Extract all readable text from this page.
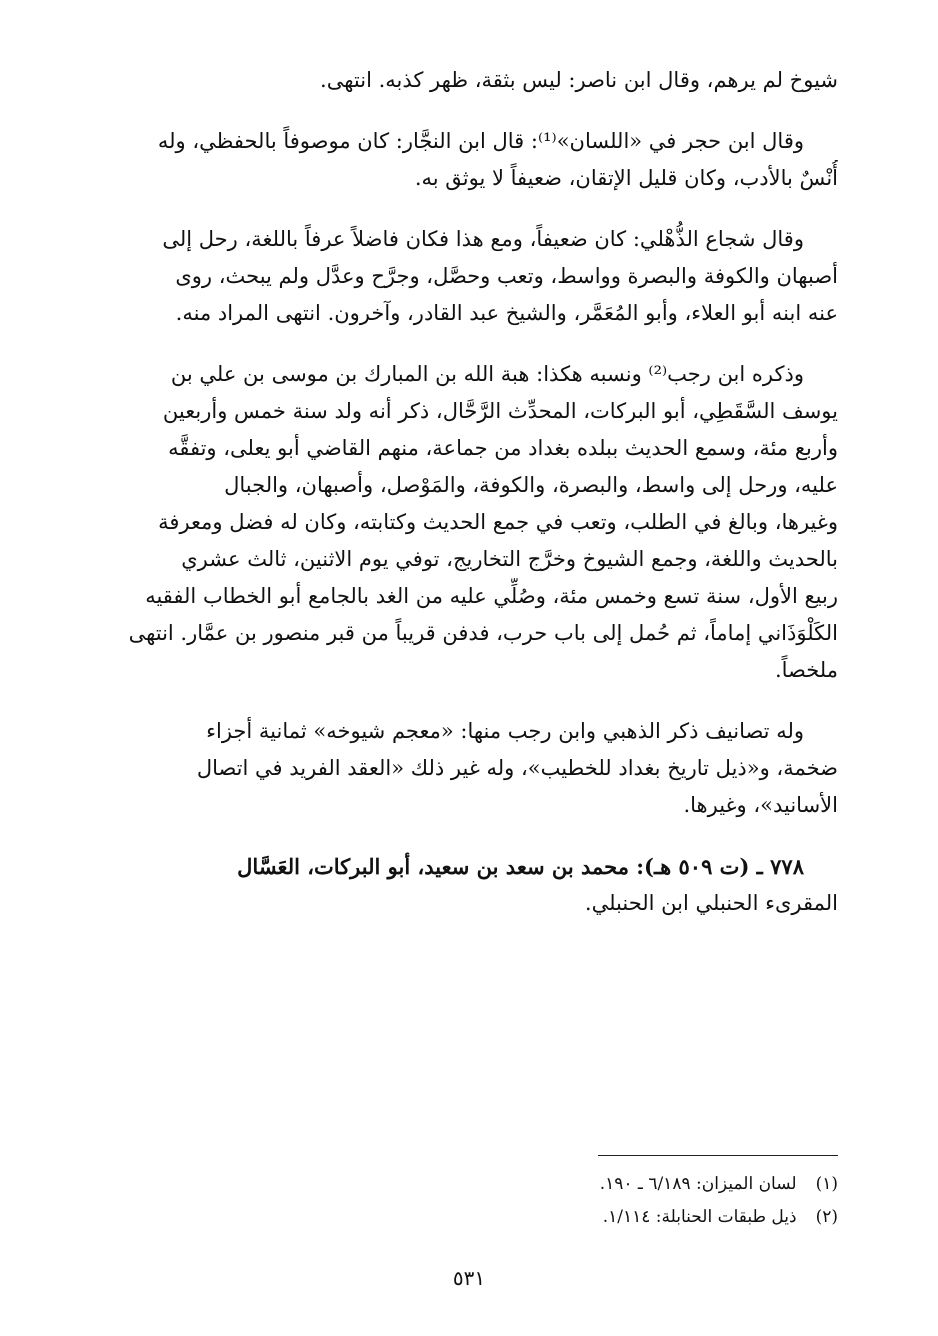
شيوخ لم يرهم، وقال ابن ناصر: ليس بثقة، ظهر كذبه. انتهى.
وقال ابن حجر في «اللسان»⁽¹⁾: قال ابن النجَّار: كان موصوفاً بالحفظي، وله
أُنْسٌ بالأدب، وكان قليل الإتقان، ضعيفاً لا يوثق به.
وقال شجاع الذُّهْلي: كان ضعيفاً، ومع هذا فكان فاضلاً عرفاً باللغة، رحل إلى
أصبهان والكوفة والبصرة وواسط، وتعب وحصَّل، وجرَّح وعدَّل ولم يبحث، روى
عنه ابنه أبو العلاء، وأبو المُعَمَّر، والشيخ عبد القادر، وآخرون. انتهى المراد منه.
وذكره ابن رجب⁽²⁾ ونسبه هكذا: هبة الله بن المبارك بن موسى بن علي بن
يوسف السَّقَطِي، أبو البركات، المحدِّث الرَّحَّال، ذكر أنه ولد سنة خمس وأربعين
وأربع مئة، وسمع الحديث ببلده بغداد من جماعة، منهم القاضي أبو يعلى، وتفقَّه
عليه، ورحل إلى واسط، والبصرة، والكوفة، والمَوْصل، وأصبهان، والجبال
وغيرها، وبالغ في الطلب، وتعب في جمع الحديث وكتابته، وكان له فضل ومعرفة
بالحديث واللغة، وجمع الشيوخ وخرَّج التخاريج، توفي يوم الاثنين، ثالث عشري
ربيع الأول، سنة تسع وخمس مئة، وصُلِّي عليه من الغد بالجامع أبو الخطاب الفقيه
الكَلْوَذَاني إماماً، ثم حُمل إلى باب حرب، فدفن قريباً من قبر منصور بن عمَّار. انتهى
ملخصاً.
وله تصانيف ذكر الذهبي وابن رجب منها: «معجم شيوخه» ثمانية أجزاء
ضخمة، و«ذيل تاريخ بغداد للخطيب»، وله غير ذلك «العقد الفريد في اتصال
الأسانيد»، وغيرها.
٧٧٨ ـ (ت ٥٠٩ هـ): محمد بن سعد بن سعيد، أبو البركات، العَسَّال
المقرىء الحنبلي ابن الحنبلي.
(١) لسان الميزان: ٦/١٨٩ ـ ١٩٠.
(٢) ذيل طبقات الحنابلة: ١/١١٤.
٥٣١
